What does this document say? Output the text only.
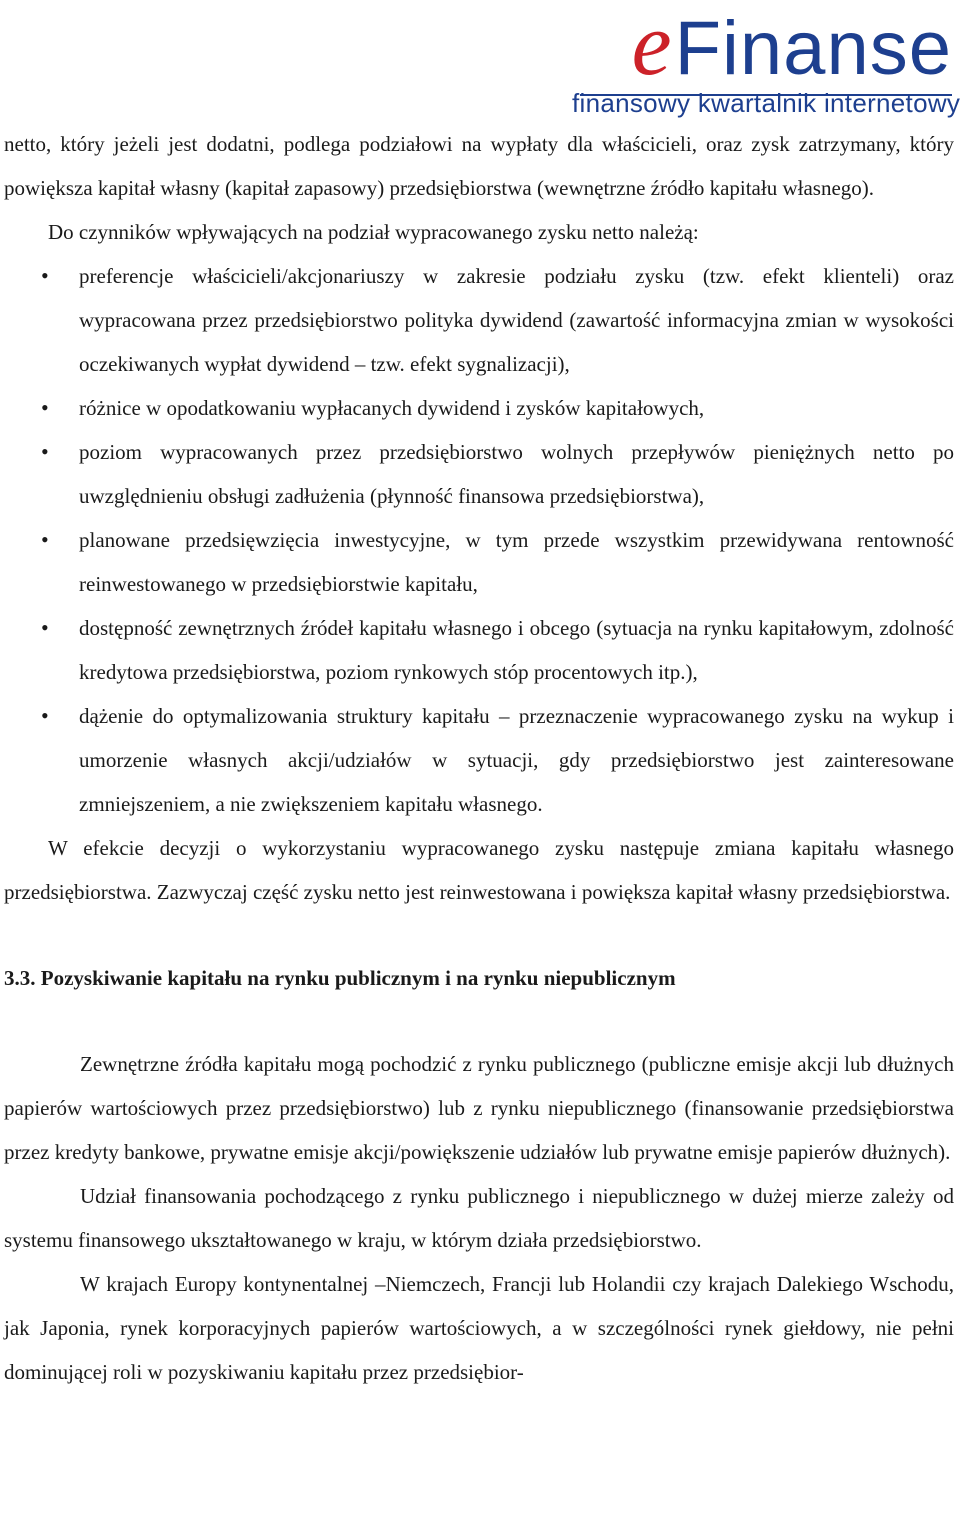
eFinanse
finansowy kwartalnik internetowy

netto, który jeżeli jest dodatni, podlega podziałowi na wypłaty dla właścicieli, oraz zysk zatrzymany, który powiększa kapitał własny (kapitał zapasowy) przedsiębiorstwa (wewnętrzne źródło kapitału własnego).

Do czynników wpływających na podział wypracowanego zysku netto należą:

• preferencje właścicieli/akcjonariuszy w zakresie podziału zysku (tzw. efekt klienteli) oraz wypracowana przez przedsiębiorstwo polityka dywidend (zawartość informacyjna zmian w wysokości oczekiwanych wypłat dywidend – tzw. efekt sygnalizacji),
• różnice w opodatkowaniu wypłacanych dywidend i zysków kapitałowych,
• poziom wypracowanych przez przedsiębiorstwo wolnych przepływów pieniężnych netto po uwzględnieniu obsługi zadłużenia (płynność finansowa przedsiębiorstwa),
• planowane przedsięwzięcia inwestycyjne, w tym przede wszystkim przewidywana rentowność reinwestowanego w przedsiębiorstwie kapitału,
• dostępność zewnętrznych źródeł kapitału własnego i obcego (sytuacja na rynku kapitałowym, zdolność kredytowa przedsiębiorstwa, poziom rynkowych stóp procentowych itp.),
• dążenie do optymalizowania struktury kapitału – przeznaczenie wypracowanego zysku na wykup i umorzenie własnych akcji/udziałów w sytuacji, gdy przedsiębiorstwo jest zainteresowane zmniejszeniem, a nie zwiększeniem kapitału własnego.

W efekcie decyzji o wykorzystaniu wypracowanego zysku następuje zmiana kapitału własnego przedsiębiorstwa. Zazwyczaj część zysku netto jest reinwestowana i powiększa kapitał własny przedsiębiorstwa.

3.3. Pozyskiwanie kapitału na rynku publicznym i na rynku niepublicznym

Zewnętrzne źródła kapitału mogą pochodzić z rynku publicznego (publiczne emisje akcji lub dłużnych papierów wartościowych przez przedsiębiorstwo) lub z rynku niepublicznego (finansowanie przedsiębiorstwa przez kredyty bankowe, prywatne emisje akcji/powiększenie udziałów lub prywatne emisje papierów dłużnych).

Udział finansowania pochodzącego z rynku publicznego i niepublicznego w dużej mierze zależy od systemu finansowego ukształtowanego w kraju, w którym działa przedsiębiorstwo.

W krajach Europy kontynentalnej –Niemczech, Francji lub Holandii czy krajach Dalekiego Wschodu, jak Japonia, rynek korporacyjnych papierów wartościowych, a w szczególności rynek giełdowy, nie pełni dominującej roli w pozyskiwaniu kapitału przez przedsiębior-
